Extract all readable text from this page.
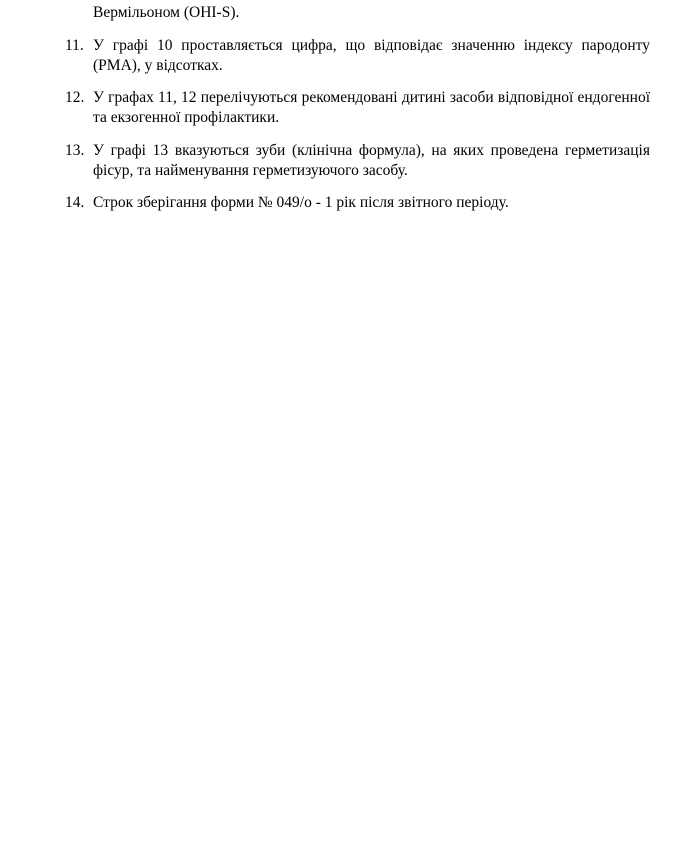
Вермільоном (OHI-S).
11. У графі 10 проставляється цифра, що відповідає значенню індексу пародонту (РМА), у відсотках.
12. У графах 11, 12 перелічуються рекомендовані дитині засоби відповідної ендогенної та екзогенної профілактики.
13. У графі 13 вказуються зуби (клінічна формула), на яких проведена герметизація фісур, та найменування герметизуючого засобу.
14. Строк зберігання форми № 049/о - 1 рік після звітного періоду.
